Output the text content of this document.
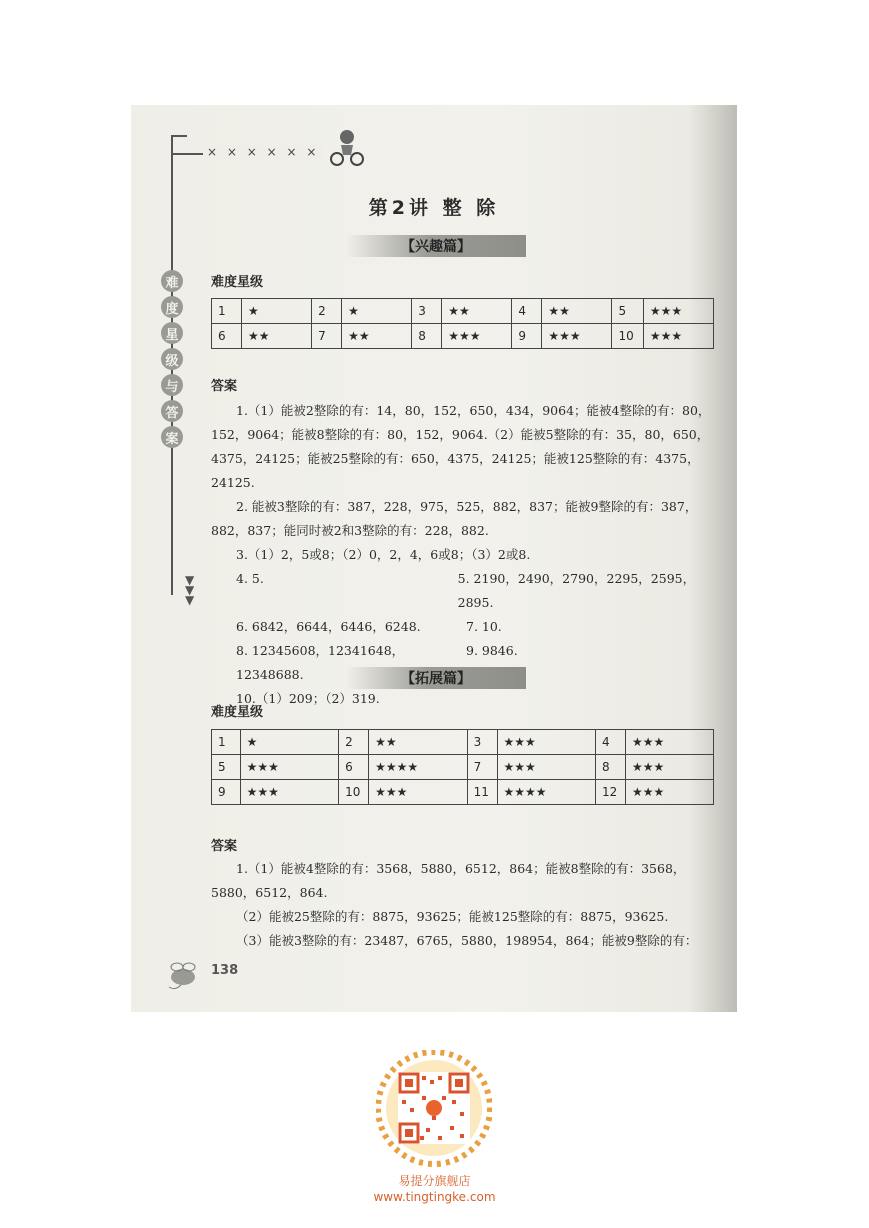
× × × × × ×
难
度
星
级
与
答
案
▼
▼
▼
第2讲 整 除
【兴趣篇】
难度星级
1	★	2	★	3	★★	4	★★	5	★★★
6	★★	7	★★	8	★★★	9	★★★	10	★★★
答案

1.（1）能被2整除的有：14，80，152，650，434，9064；能被4整除的有：80，152，9064；能被8整除的有：80，152，9064.（2）能被5整除的有：35，80，650，4375，24125；能被25整除的有：650，4375，24125；能被125整除的有：4375，24125.

2. 能被3整除的有：387，228，975，525，882，837；能被9整除的有：387，882，837；能同时被2和3整除的有：228，882.

3.（1）2，5或8；（2）0，2，4，6或8；（3）2或8.

4. 5.	5. 2190，2490，2790，2295，2595，2895.

6. 6842，6644，6446，6248.	7. 10.

8. 12345608，12341648，12348688.

9. 9846.

10.（1）209；（2）319.

【拓展篇】
难度星级
1	★	2	★★	3	★★★	4	★★★
5	★★★	6	★★★★	7	★★★	8	★★★
9	★★★	10	★★★	11	★★★★	12	★★★
答案

1.（1）能被4整除的有：3568，5880，6512，864；能被8整除的有：3568，5880，6512，864.

（2）能被25整除的有：8875，93625；能被125整除的有：8875，93625.

（3）能被3整除的有：23487，6765，5880，198954，864；能被9整除的有：

138
易提分旗舰店
www.tingtingke.com
